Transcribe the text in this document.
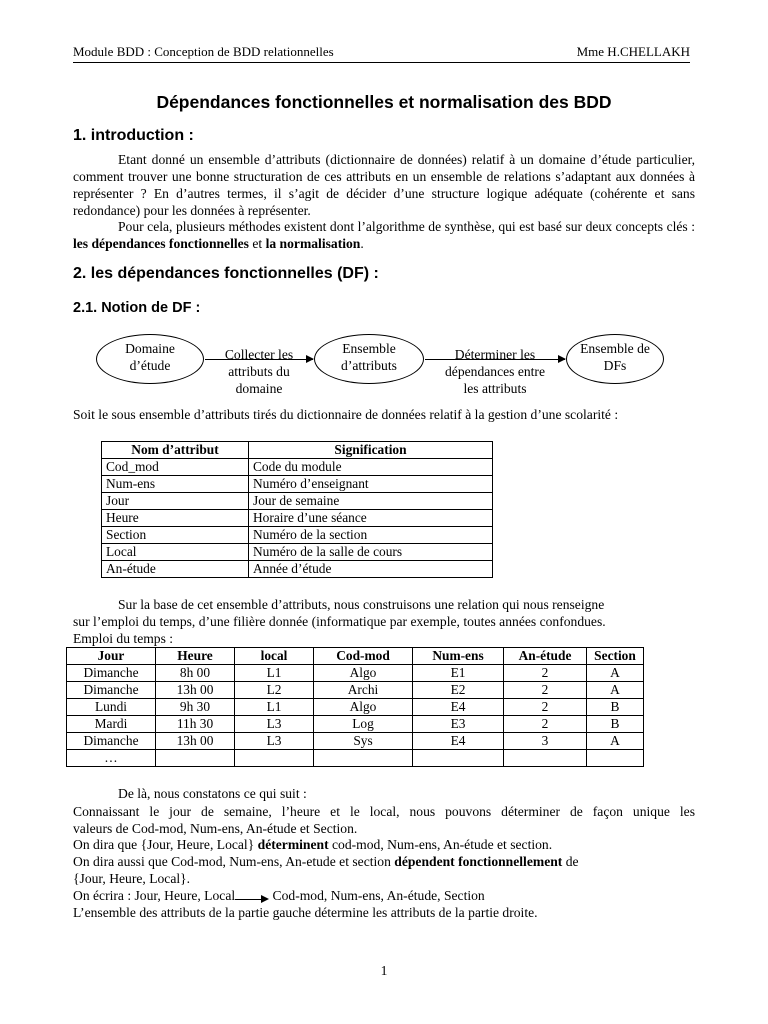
Module BDD : Conception de BDD relationnelles	Mme H.CHELLAKH
Dépendances fonctionnelles et normalisation des BDD
1. introduction :
Etant donné un ensemble d’attributs (dictionnaire de données) relatif à un domaine d’étude particulier, comment trouver une bonne structuration de ces attributs en un ensemble de relations s’adaptant aux données à représenter ? En d’autres termes, il s’agit de décider d’une structure logique adéquate (cohérente et sans redondance) pour les données à représenter.
Pour cela, plusieurs méthodes existent dont l’algorithme de synthèse, qui est basé sur deux concepts clés : les dépendances fonctionnelles et la normalisation.
2. les dépendances fonctionnelles (DF) :
2.1. Notion de DF :
Domaine
d’étude
Collecter les
attributs du
domaine
Ensemble
d’attributs
Déterminer les
dépendances entre
les attributs
Ensemble de
DFs
Soit le sous ensemble d’attributs tirés du dictionnaire de données relatif à la gestion d’une scolarité :
Nom d’attribut	Signification
Cod_mod	Code du module
Num-ens	Numéro d’enseignant
Jour	Jour de semaine
Heure	Horaire d’une séance
Section	Numéro de la section
Local	Numéro de la salle de cours
An-étude	Année d’étude
Sur la base de cet ensemble d’attributs, nous construisons une relation qui nous renseigne
sur l’emploi du temps, d’une filière donnée (informatique par exemple, toutes années confondues.
Emploi du temps :
Jour	Heure	local	Cod-mod	Num-ens	An-étude	Section
Dimanche	8h 00	L1	Algo	E1	2	A
Dimanche	13h 00	L2	Archi	E2	2	A
Lundi	9h 30	L1	Algo	E4	2	B
Mardi	11h 30	L3	Log	E3	2	B
Dimanche	13h 00	L3	Sys	E4	3	A
…						
De là, nous constatons ce qui suit :
Connaissant le jour de semaine, l’heure et le local, nous pouvons déterminer de façon unique les
valeurs de Cod-mod, Num-ens, An-étude et Section.
On dira que {Jour, Heure, Local} déterminent cod-mod, Num-ens, An-étude et section.
On dira aussi que Cod-mod, Num-ens, An-etude et section dépendent fonctionnellement de
{Jour, Heure, Local}.
On écrira : Jour, Heure, Local	Cod-mod, Num-ens, An-étude, Section
L’ensemble des attributs de la partie gauche détermine les attributs de la partie droite.
1
